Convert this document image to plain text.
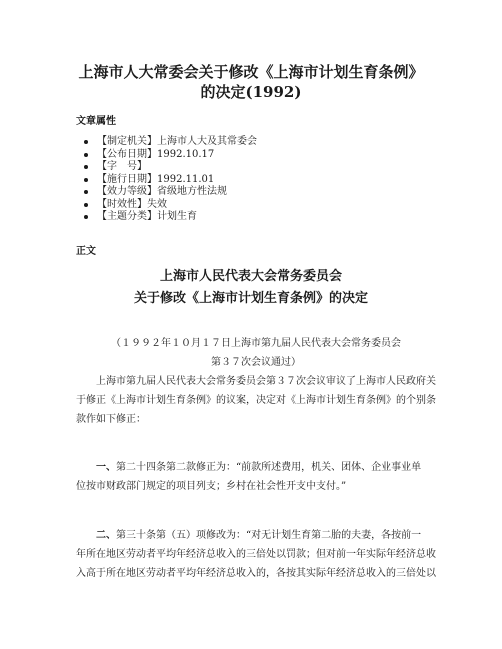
上海市人大常委会关于修改《上海市计划生育条例》
的决定(1992)
文章属性
【制定机关】 上海市人大及其常委会
【公布日期】 1992.10.17
【字　号】
【施行日期】 1992.11.01
【效力等级】 省级地方性法规
【时效性】 失效
【主题分类】 计划生育
正文
上海市人民代表大会常务委员会
关于修改《上海市计划生育条例》的决定
（１９９２年１０月１７日上海市第九届人民代表大会常务委员会
第３７次会议通过）
　　上海市第九届人民代表大会常务委员会第３７次会议审议了上海市人民政府关
于修正《上海市计划生育条例》的议案，决定对《上海市计划生育条例》的个别条
款作如下修正：
　　一、第二十四条第二款修正为：“前款所述费用，机关、团体、企业事业单
位按市财政部门规定的项目列支；乡村在社会性开支中支付。”
　　二、第三十条第（五）项修改为：“对无计划生育第二胎的夫妻，各按前一
年所在地区劳动者平均年经济总收入的三倍处以罚款；但对前一年实际年经济总收
入高于所在地区劳动者平均年经济总收入的，各按其实际年经济总收入的三倍处以
